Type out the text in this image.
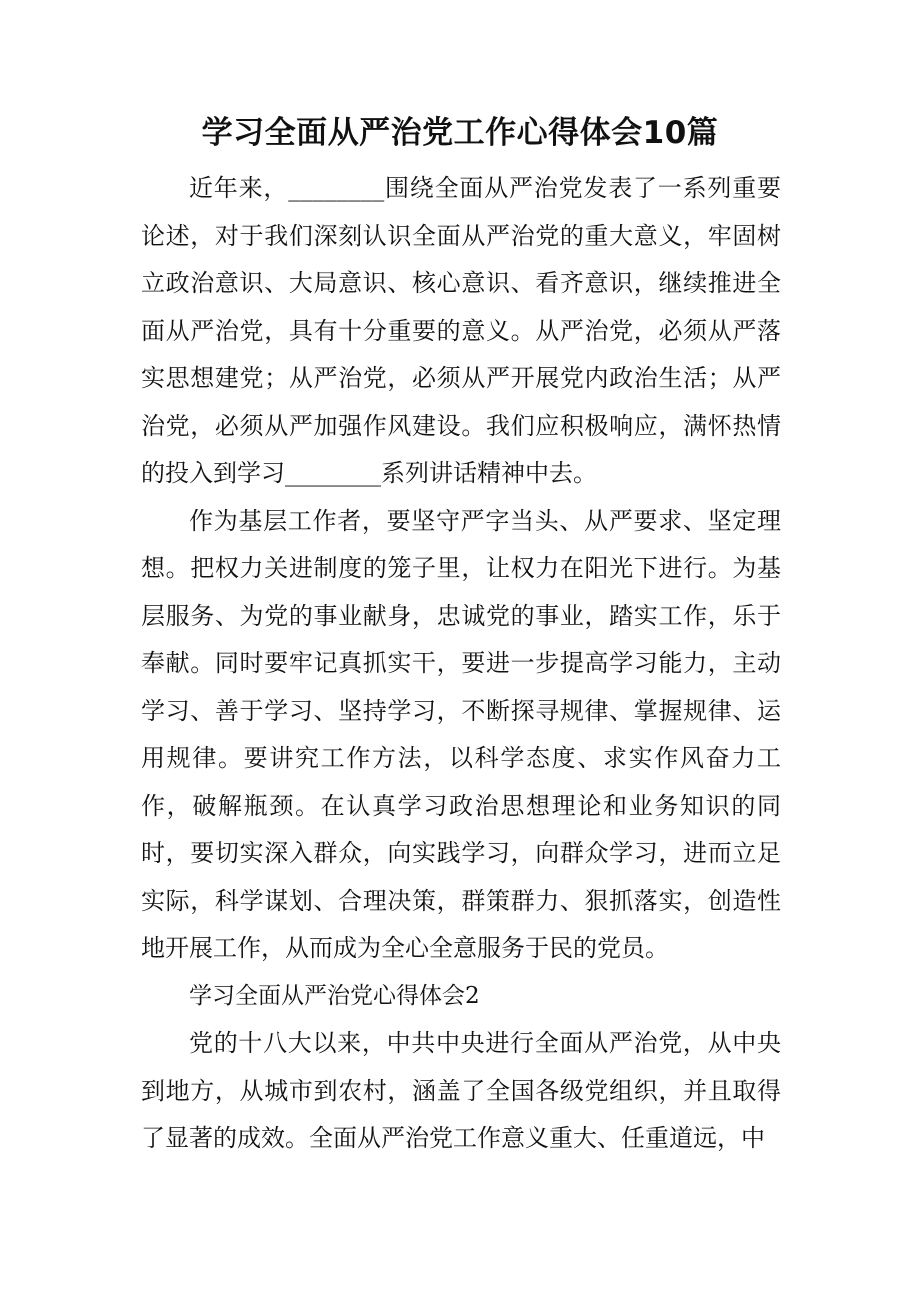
学习全面从严治党工作心得体会10篇

近年来，________围绕全面从严治党发表了一系列重要论述，对于我们深刻认识全面从严治党的重大意义，牢固树立政治意识、大局意识、核心意识、看齐意识，继续推进全面从严治党，具有十分重要的意义。从严治党，必须从严落实思想建党；从严治党，必须从严开展党内政治生活；从严治党，必须从严加强作风建设。我们应积极响应，满怀热情的投入到学习________系列讲话精神中去。

作为基层工作者，要坚守严字当头、从严要求、坚定理想。把权力关进制度的笼子里，让权力在阳光下进行。为基层服务、为党的事业献身，忠诚党的事业，踏实工作，乐于奉献。同时要牢记真抓实干，要进一步提高学习能力，主动学习、善于学习、坚持学习，不断探寻规律、掌握规律、运用规律。要讲究工作方法，以科学态度、求实作风奋力工作，破解瓶颈。在认真学习政治思想理论和业务知识的同时，要切实深入群众，向实践学习，向群众学习，进而立足实际，科学谋划、合理决策，群策群力、狠抓落实，创造性地开展工作，从而成为全心全意服务于民的党员。

学习全面从严治党心得体会2

党的十八大以来，中共中央进行全面从严治党，从中央到地方，从城市到农村，涵盖了全国各级党组织，并且取得了显著的成效。全面从严治党工作意义重大、任重道远，中
